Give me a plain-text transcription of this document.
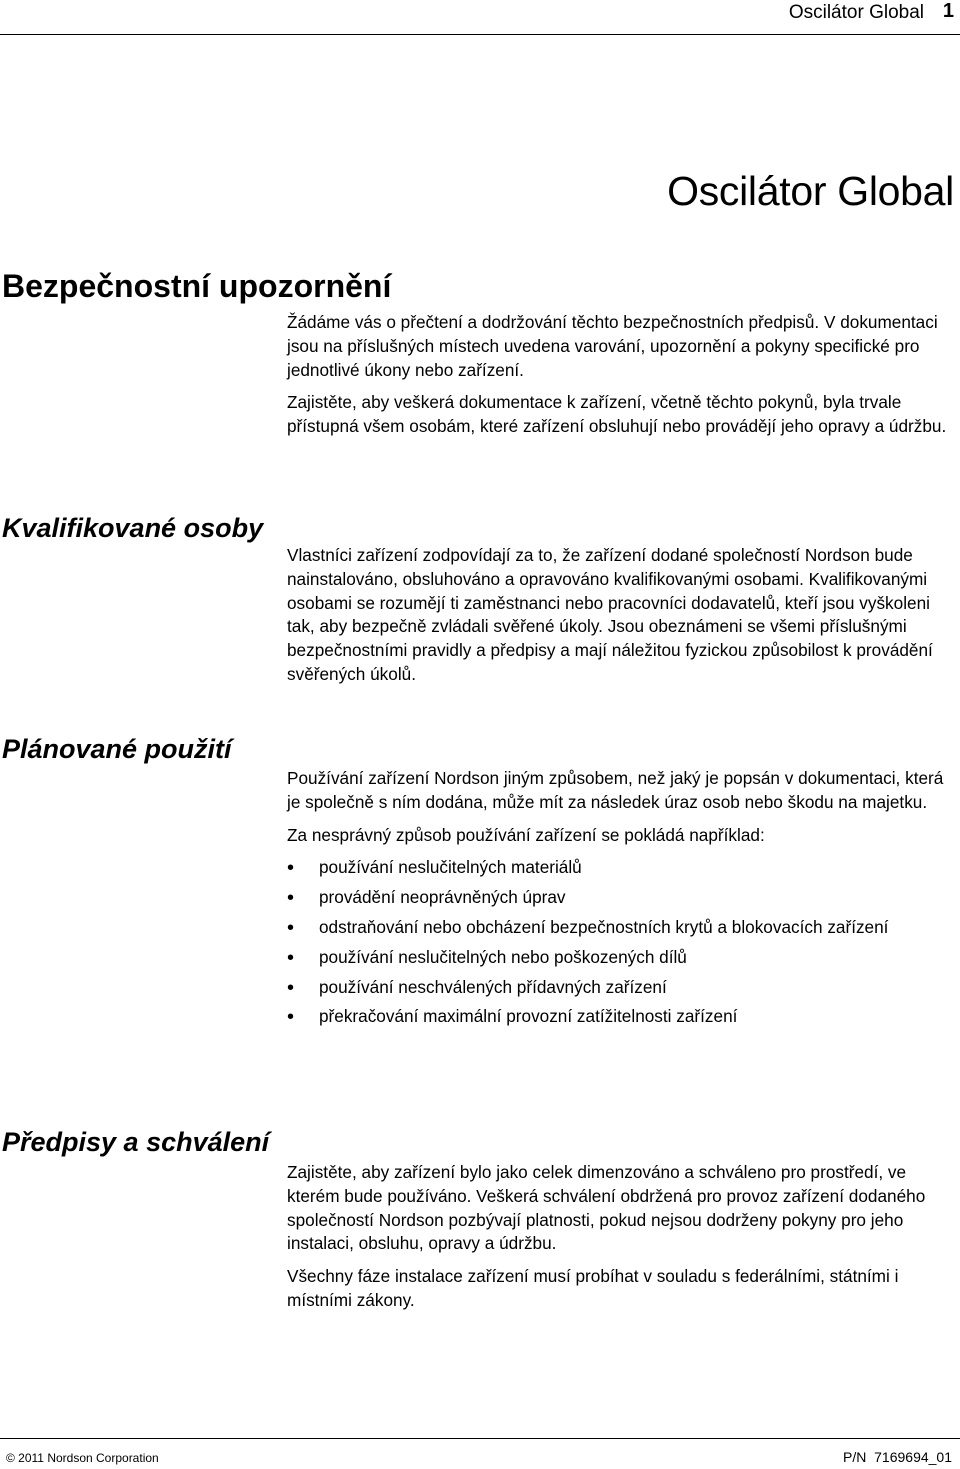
Oscilátor Global 1
Oscilátor Global
Bezpečnostní upozornění

Žádáme vás o přečtení a dodržování těchto bezpečnostních předpisů. V dokumentaci jsou na příslušných místech uvedena varování, upozornění a pokyny specifické pro jednotlivé úkony nebo zařízení.

Zajistěte, aby veškerá dokumentace k zařízení, včetně těchto pokynů, byla trvale přístupná všem osobám, které zařízení obsluhují nebo provádějí jeho opravy a údržbu.

Kvalifikované osoby

Vlastníci zařízení zodpovídají za to, že zařízení dodané společností Nordson bude nainstalováno, obsluhováno a opravováno kvalifikovanými osobami. Kvalifikovanými osobami se rozumějí ti zaměstnanci nebo pracovníci dodavatelů, kteří jsou vyškoleni tak, aby bezpečně zvládali svěřené úkoly. Jsou obeznámeni se všemi příslušnými bezpečnostními pravidly a předpisy a mají náležitou fyzickou způsobilost k provádění svěřených úkolů.

Plánované použití

Používání zařízení Nordson jiným způsobem, než jaký je popsán v dokumentaci, která je společně s ním dodána, může mít za následek úraz osob nebo škodu na majetku.

Za nesprávný způsob používání zařízení se pokládá například:

• používání neslučitelných materiálů
• provádění neoprávněných úprav
• odstraňování nebo obcházení bezpečnostních krytů a blokovacích zařízení
• používání neslučitelných nebo poškozených dílů
• používání neschválených přídavných zařízení
• překračování maximální provozní zatížitelnosti zařízení
Předpisy a schválení

Zajistěte, aby zařízení bylo jako celek dimenzováno a schváleno pro prostředí, ve kterém bude používáno. Veškerá schválení obdržená pro provoz zařízení dodaného společností Nordson pozbývají platnosti, pokud nejsou dodrženy pokyny pro jeho instalaci, obsluhu, opravy a údržbu.

Všechny fáze instalace zařízení musí probíhat v souladu s federálními, státními i místními zákony.

© 2011 Nordson Corporation	P/N  7169694_01
